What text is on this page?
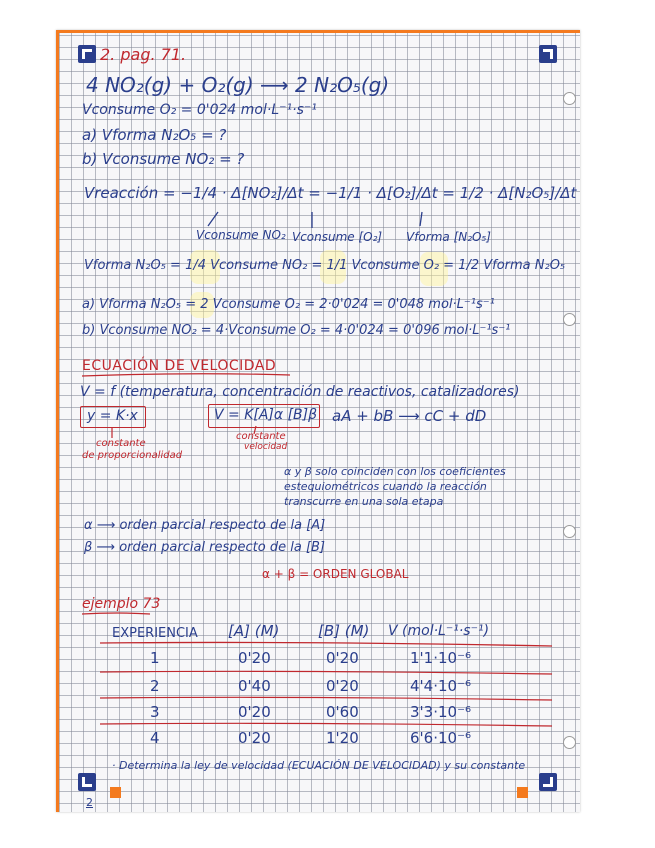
2
2. pag. 71.
4 NO₂(g) + O₂(g) ⟶ 2 N₂O₅(g)
Vconsume O₂ = 0'024 mol·L⁻¹·s⁻¹
a) Vforma N₂O₅ = ?
b) Vconsume NO₂ = ?
Vreacción = −1/4 · Δ[NO₂]/Δt = −1/1 · Δ[O₂]/Δt = 1/2 · Δ[N₂O₅]/Δt
Vconsume NO₂ Vconsume [O₂] Vforma [N₂O₅]
Vforma N₂O₅ = 1/4 Vconsume NO₂ = 1/1 Vconsume O₂ = 1/2 Vforma N₂O₅
a) Vforma N₂O₅ = 2 Vconsume O₂ = 2·0'024 = 0'048 mol·L⁻¹s⁻¹
b) Vconsume NO₂ = 4·Vconsume O₂ = 4·0'024 = 0'096 mol·L⁻¹s⁻¹
ECUACIÓN DE VELOCIDAD
V = f (temperatura, concentración de reactivos, catalizadores)
y = K·x	V = K[A]α [B]β aA + bB ⟶ cC + dD
constante
de proporcionalidad
constante
velocidad
α y β solo coinciden con los coeficientes
estequiométricos cuando la reacción
transcurre en una sola etapa
α ⟶ orden parcial respecto de la [A]
β ⟶ orden parcial respecto de la [B]
α + β = ORDEN GLOBAL
ejemplo 73
EXPERIENCIA [A] (M)	[B] (M) V (mol·L⁻¹·s⁻¹)
1	0'20	0'20	1'1·10⁻⁶
2	0'40	0'20	4'4·10⁻⁶
3	0'20	0'60	3'3·10⁻⁶
4	0'20	1'20	6'6·10⁻⁶
· Determina la ley de velocidad (ECUACIÓN DE VELOCIDAD) y su constante
